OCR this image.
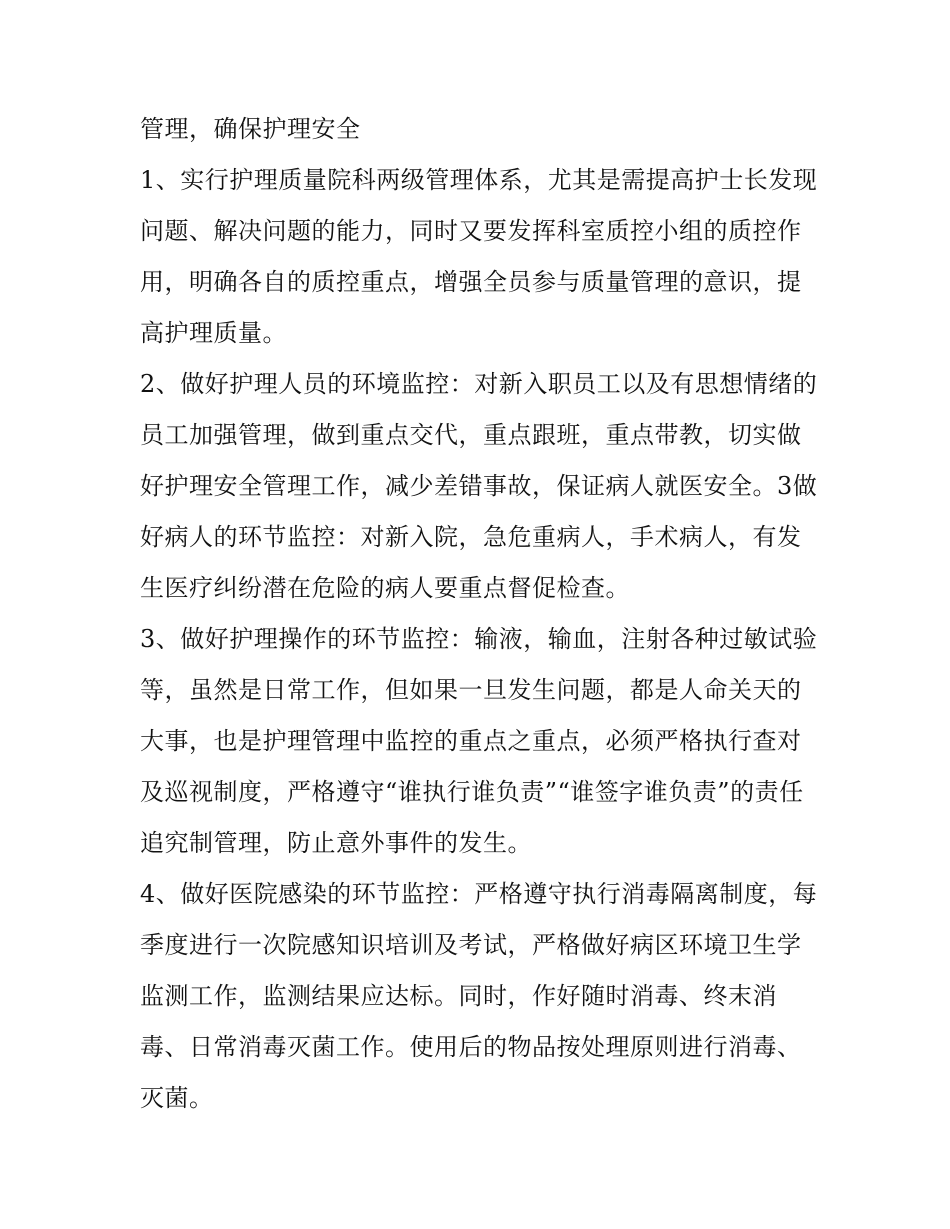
管理，确保护理安全

1、实行护理质量院科两级管理体系，尤其是需提高护士长发现问题、解决问题的能力，同时又要发挥科室质控小组的质控作用，明确各自的质控重点，增强全员参与质量管理的意识，提高护理质量。

2、做好护理人员的环境监控：对新入职员工以及有思想情绪的员工加强管理，做到重点交代，重点跟班，重点带教，切实做好护理安全管理工作，减少差错事故，保证病人就医安全。3做好病人的环节监控：对新入院，急危重病人，手术病人，有发生医疗纠纷潜在危险的病人要重点督促检查。

3、做好护理操作的环节监控：输液，输血，注射各种过敏试验等，虽然是日常工作，但如果一旦发生问题，都是人命关天的大事，也是护理管理中监控的重点之重点，必须严格执行查对及巡视制度，严格遵守“谁执行谁负责”“谁签字谁负责”的责任追究制管理，防止意外事件的发生。

4、做好医院感染的环节监控：严格遵守执行消毒隔离制度，每季度进行一次院感知识培训及考试，严格做好病区环境卫生学监测工作，监测结果应达标。同时，作好随时消毒、终末消毒、日常消毒灭菌工作。使用后的物品按处理原则进行消毒、灭菌。
